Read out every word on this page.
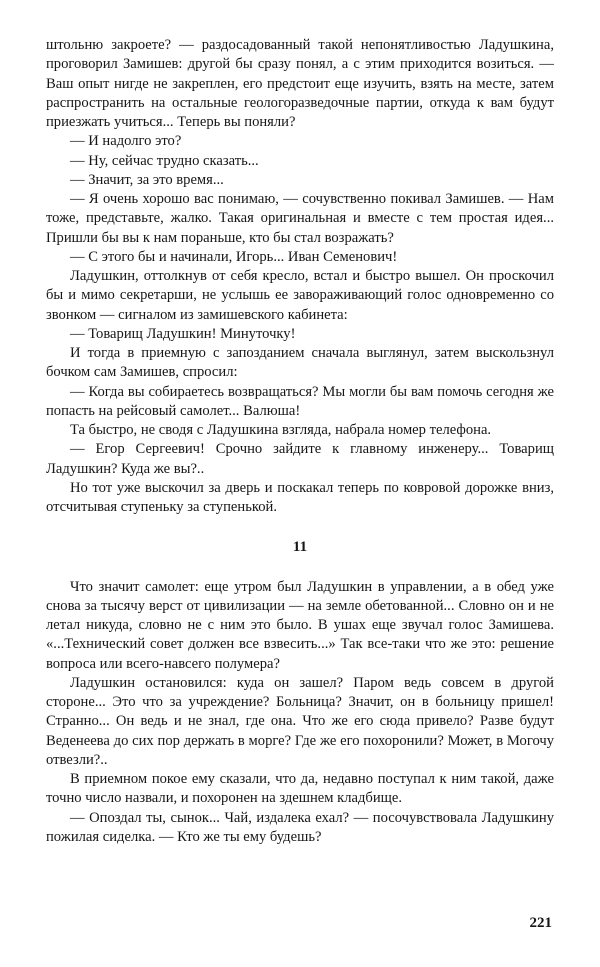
штольню закроете? — раздосадованный такой непонятливостью Ладушкина, проговорил Замишев: другой бы сразу понял, а с этим приходится возиться. — Ваш опыт нигде не закреплен, его предстоит еще изучить, взять на месте, затем распространить на остальные геологоразведочные партии, откуда к вам будут приезжать учиться... Теперь вы поняли?

— И надолго это?

— Ну, сейчас трудно сказать...

— Значит, за это время...

— Я очень хорошо вас понимаю, — сочувственно покивал Замишев. — Нам тоже, представьте, жалко. Такая оригинальная и вместе с тем простая идея... Пришли бы вы к нам пораньше, кто бы стал возражать?

— С этого бы и начинали, Игорь... Иван Семенович!

Ладушкин, оттолкнув от себя кресло, встал и быстро вышел. Он проскочил бы и мимо секретарши, не услышь ее завораживающий голос одновременно со звонком — сигналом из замишевского кабинета:

— Товарищ Ладушкин! Минуточку!

И тогда в приемную с запозданием сначала выглянул, затем выскользнул бочком сам Замишев, спросил:

— Когда вы собираетесь возвращаться? Мы могли бы вам помочь сегодня же попасть на рейсовый самолет... Валюша!

Та быстро, не сводя с Ладушкина взгляда, набрала номер телефона.

— Егор Сергеевич! Срочно зайдите к главному инженеру... Товарищ Ладушкин? Куда же вы?..

Но тот уже выскочил за дверь и поскакал теперь по ковровой дорожке вниз, отсчитывая ступеньку за ступенькой.

11

Что значит самолет: еще утром был Ладушкин в управлении, а в обед уже снова за тысячу верст от цивилизации — на земле обетованной... Словно он и не летал никуда, словно не с ним это было. В ушах еще звучал голос Замишева. «...Технический совет должен все взвесить...» Так все-таки что же это: решение вопроса или всего-навсего полумера?

Ладушкин остановился: куда он зашел? Паром ведь совсем в другой стороне... Это что за учреждение? Больница? Значит, он в больницу пришел! Странно... Он ведь и не знал, где она. Что же его сюда привело? Разве будут Веденеева до сих пор держать в морге? Где же его похоронили? Может, в Могочу отвезли?..

В приемном покое ему сказали, что да, недавно поступал к ним такой, даже точно число назвали, и похоронен на здешнем кладбище.

— Опоздал ты, сынок... Чай, издалека ехал? — посочувствовала Ладушкину пожилая сиделка. — Кто же ты ему будешь?

221
